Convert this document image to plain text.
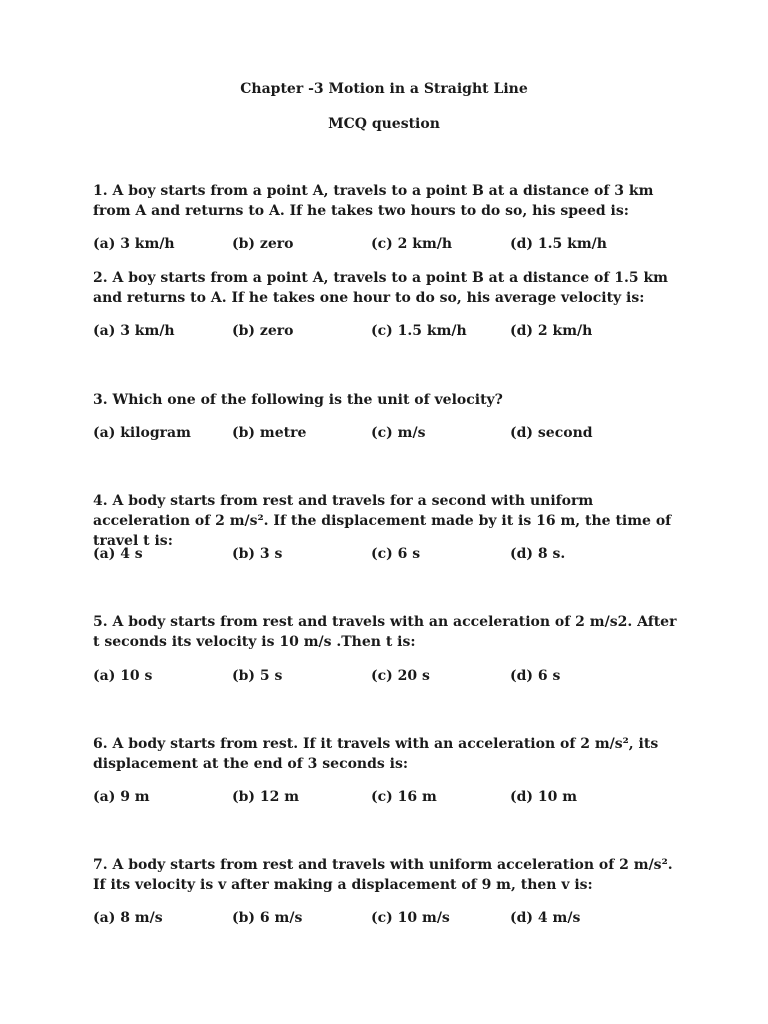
Chapter -3 Motion in a Straight Line
MCQ question

1. A boy starts from a point A, travels to a point B at a distance of 3 km from A and returns to A. If he takes two hours to do so, his speed is:

(a) 3 km/h	(b) zero	(c) 2 km/h	(d) 1.5 km/h

2. A boy starts from a point A, travels to a point B at a distance of 1.5 km and returns to A. If he takes one hour to do so, his average velocity is:

(a) 3 km/h	(b) zero	(c) 1.5 km/h	(d) 2 km/h

3. Which one of the following is the unit of velocity?

(a) kilogram	(b) metre	(c) m/s	(d) second

4. A body starts from rest and travels for a second with uniform acceleration of 2 m/s². If the displacement made by it is 16 m, the time of travel t is:

(a) 4 s	(b) 3 s	(c) 6 s	(d) 8 s.

5. A body starts from rest and travels with an acceleration of 2 m/s2. After t seconds its velocity is 10 m/s .Then t is:

(a) 10 s	(b) 5 s	(c) 20 s	(d) 6 s

6. A body starts from rest. If it travels with an acceleration of 2 m/s², its displacement at the end of 3 seconds is:

(a) 9 m	(b) 12 m	(c) 16 m	(d) 10 m

7. A body starts from rest and travels with uniform acceleration of 2 m/s². If its velocity is v after making a displacement of 9 m, then v is:

(a) 8 m/s	(b) 6 m/s	(c) 10 m/s	(d) 4 m/s
